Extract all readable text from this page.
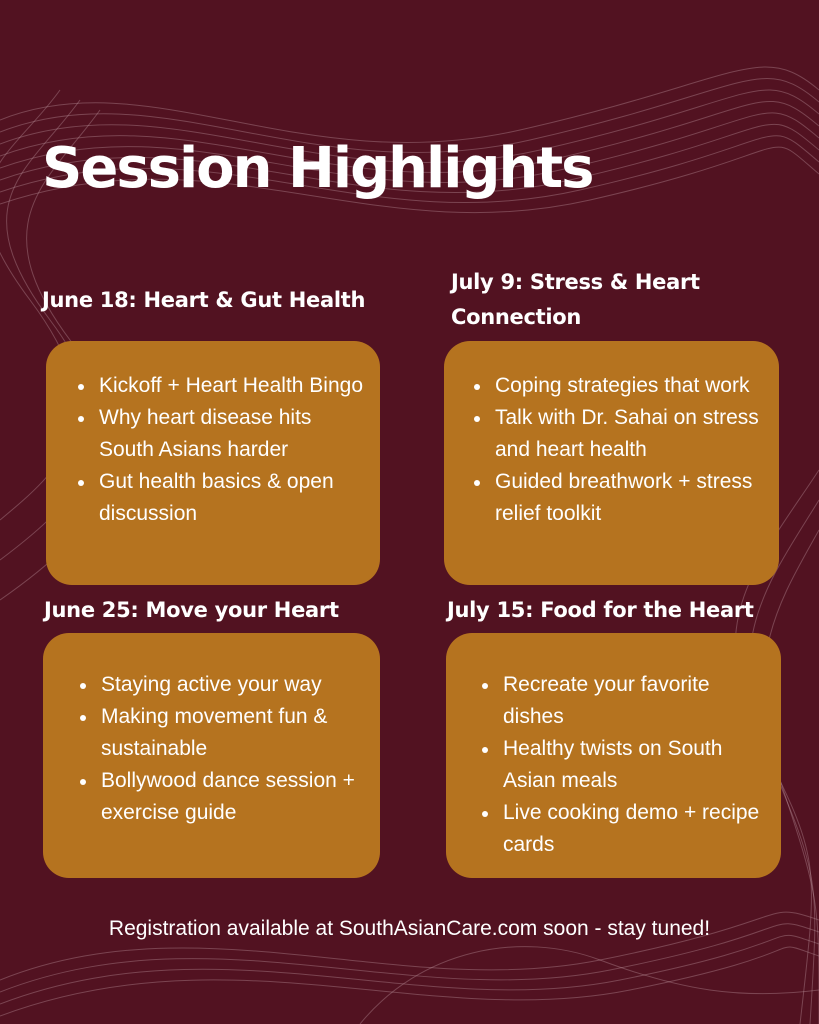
Session Highlights
June 18: Heart & Gut Health
Kickoff + Heart Health Bingo
Why heart disease hits South Asians harder
Gut health basics & open discussion
July 9: Stress & Heart Connection
Coping strategies that work
Talk with Dr. Sahai on stress and heart health
Guided breathwork + stress relief toolkit
June 25: Move your Heart
Staying active your way
Making movement fun & sustainable
Bollywood dance session + exercise guide
July 15: Food for the Heart
Recreate your favorite dishes
Healthy twists on South Asian meals
Live cooking demo + recipe cards
Registration available at SouthAsianCare.com soon - stay tuned!
